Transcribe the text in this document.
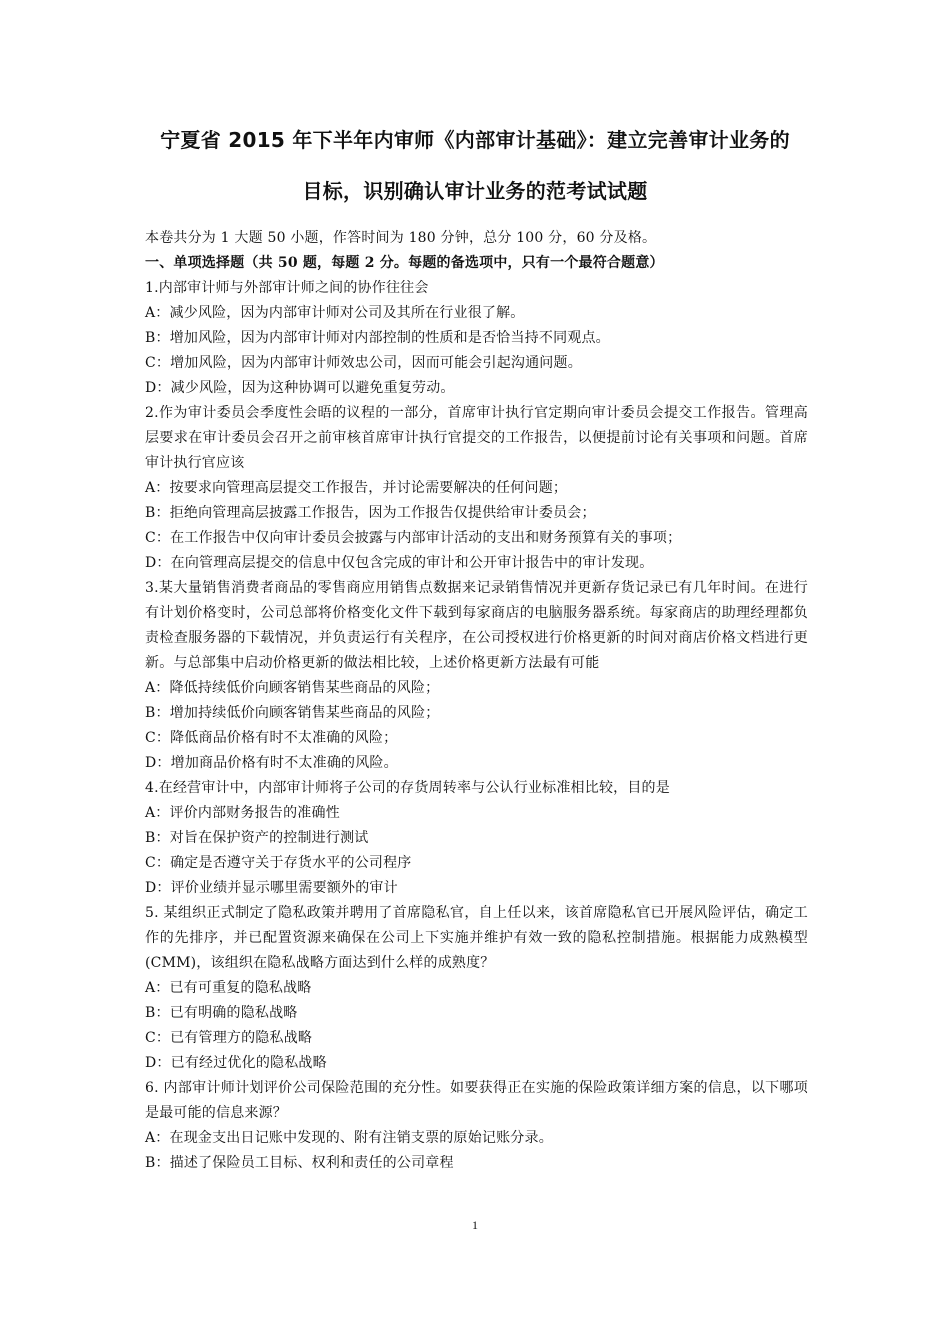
宁夏省 2015 年下半年内审师《内部审计基础》：建立完善审计业务的
目标，识别确认审计业务的范考试试题

本卷共分为 1 大题 50 小题，作答时间为 180 分钟，总分 100 分，60 分及格。

一、单项选择题（共 50 题，每题 2 分。每题的备选项中，只有一个最符合题意）

1.内部审计师与外部审计师之间的协作往往会

A：减少风险，因为内部审计师对公司及其所在行业很了解。

B：增加风险，因为内部审计师对内部控制的性质和是否恰当持不同观点。

C：增加风险，因为内部审计师效忠公司，因而可能会引起沟通问题。

D：减少风险，因为这种协调可以避免重复劳动。

2.作为审计委员会季度性会晤的议程的一部分，首席审计执行官定期向审计委员会提交工作报告。管理高层要求在审计委员会召开之前审核首席审计执行官提交的工作报告，以便提前讨论有关事项和问题。首席审计执行官应该

A：按要求向管理高层提交工作报告，并讨论需要解决的任何问题；

B：拒绝向管理高层披露工作报告，因为工作报告仅提供给审计委员会；

C：在工作报告中仅向审计委员会披露与内部审计活动的支出和财务预算有关的事项；

D：在向管理高层提交的信息中仅包含完成的审计和公开审计报告中的审计发现。

3.某大量销售消费者商品的零售商应用销售点数据来记录销售情况并更新存货记录已有几年时间。在进行有计划价格变时，公司总部将价格变化文件下载到每家商店的电脑服务器系统。每家商店的助理经理都负责检查服务器的下载情况，并负责运行有关程序，在公司授权进行价格更新的时间对商店价格文档进行更新。与总部集中启动价格更新的做法相比较，上述价格更新方法最有可能

A：降低持续低价向顾客销售某些商品的风险；

B：增加持续低价向顾客销售某些商品的风险；

C：降低商品价格有时不太准确的风险；

D：增加商品价格有时不太准确的风险。

4.在经营审计中，内部审计师将子公司的存货周转率与公认行业标准相比较，目的是

A：评价内部财务报告的准确性

B：对旨在保护资产的控制进行测试

C：确定是否遵守关于存货水平的公司程序

D：评价业绩并显示哪里需要额外的审计

5. 某组织正式制定了隐私政策并聘用了首席隐私官，自上任以来，该首席隐私官已开展风险评估，确定工作的先排序，并已配置资源来确保在公司上下实施并维护有效一致的隐私控制措施。根据能力成熟模型(CMM)，该组织在隐私战略方面达到什么样的成熟度？

A：已有可重复的隐私战略

B：已有明确的隐私战略

C：已有管理方的隐私战略

D：已有经过优化的隐私战略

6. 内部审计师计划评价公司保险范围的充分性。如要获得正在实施的保险政策详细方案的信息，以下哪项是最可能的信息来源？

A：在现金支出日记账中发现的、附有注销支票的原始记账分录。

B：描述了保险员工目标、权利和责任的公司章程

1
